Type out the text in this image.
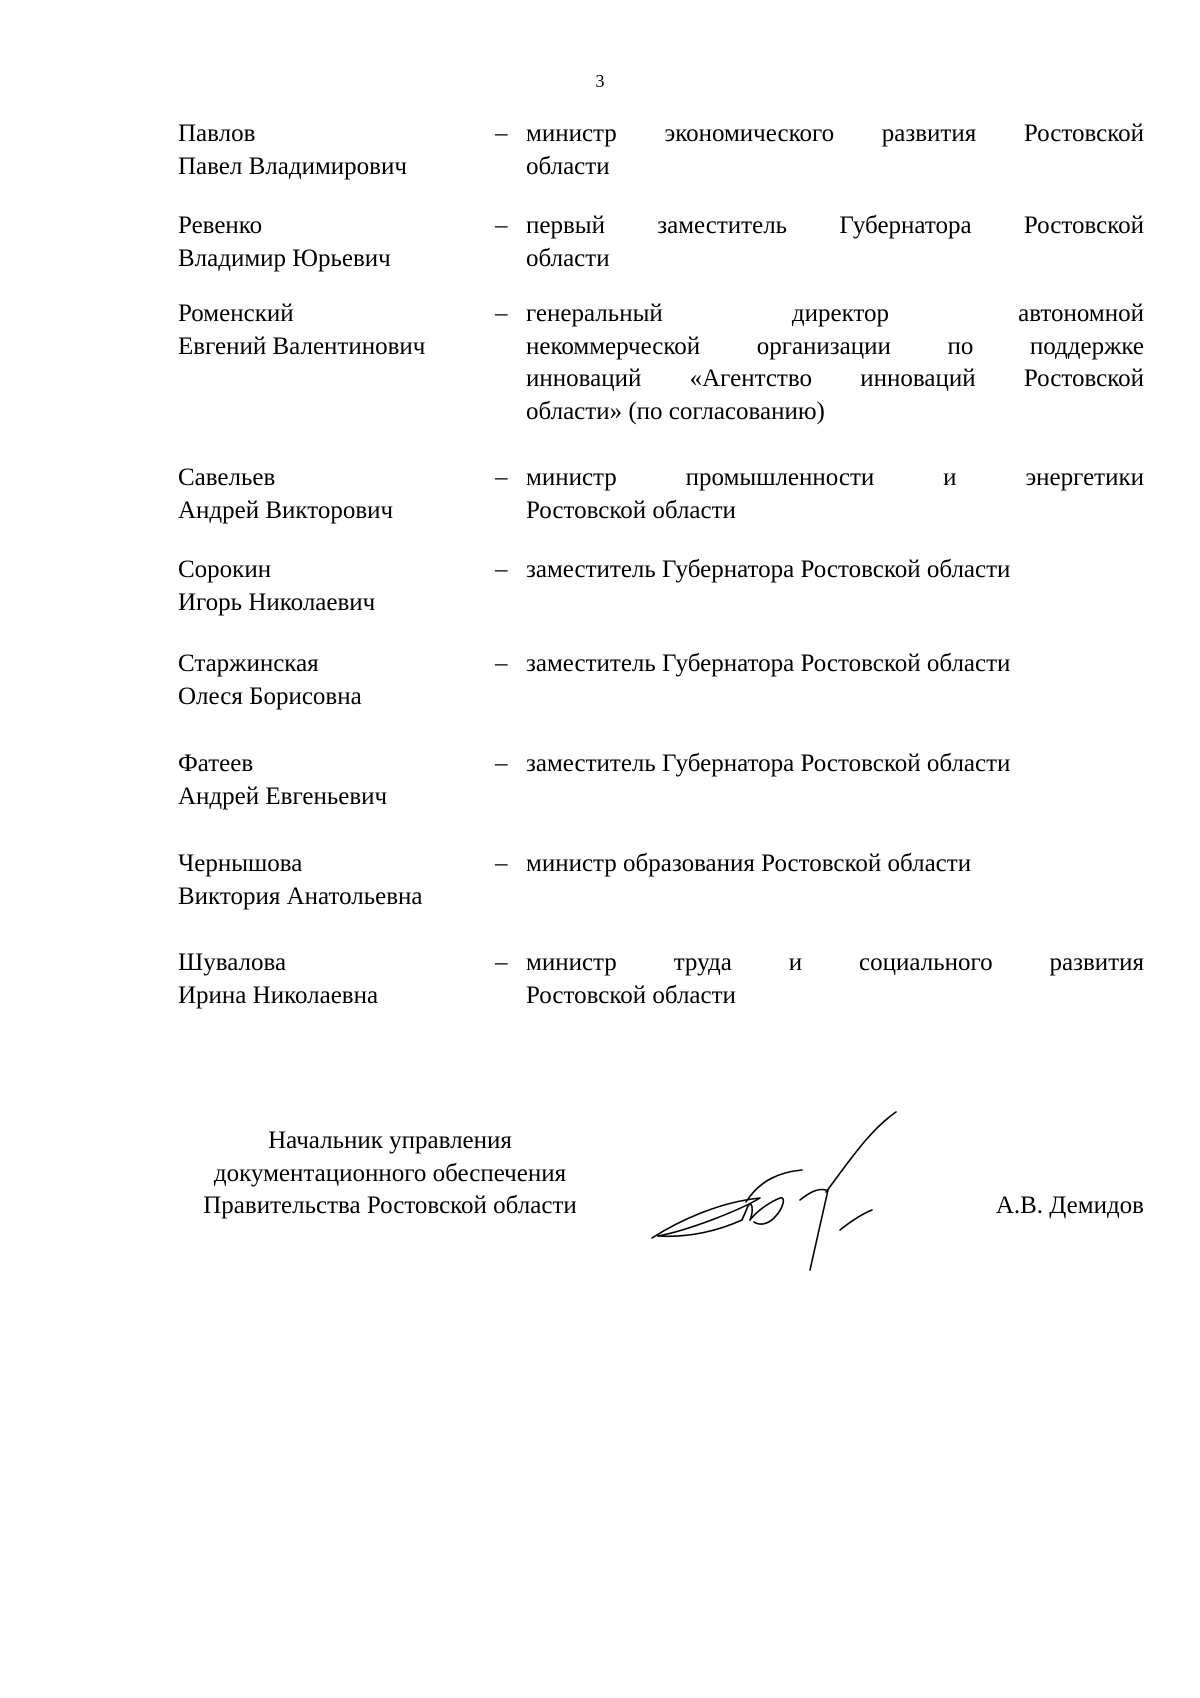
3
Павлов
Павел Владимирович
– министр экономического развития Ростовской
области
Ревенко
Владимир Юрьевич
– первый заместитель Губернатора Ростовской
области
Роменский
Евгений Валентинович
– генеральный директор автономной
некоммерческой организации по поддержке
инноваций «Агентство инноваций Ростовской
области» (по согласованию)
Савельев
Андрей Викторович
– министр промышленности и энергетики
Ростовской области
Сорокин
Игорь Николаевич
– заместитель Губернатора Ростовской области
Старжинская
Олеся Борисовна
– заместитель Губернатора Ростовской области
Фатеев
Андрей Евгеньевич
– заместитель Губернатора Ростовской области
Чернышова
Виктория Анатольевна
– министр образования Ростовской области
Шувалова
Ирина Николаевна
– министр труда и социального развития
Ростовской области
Начальник управления
документационного обеспечения
Правительства Ростовской области	А.В. Демидов
